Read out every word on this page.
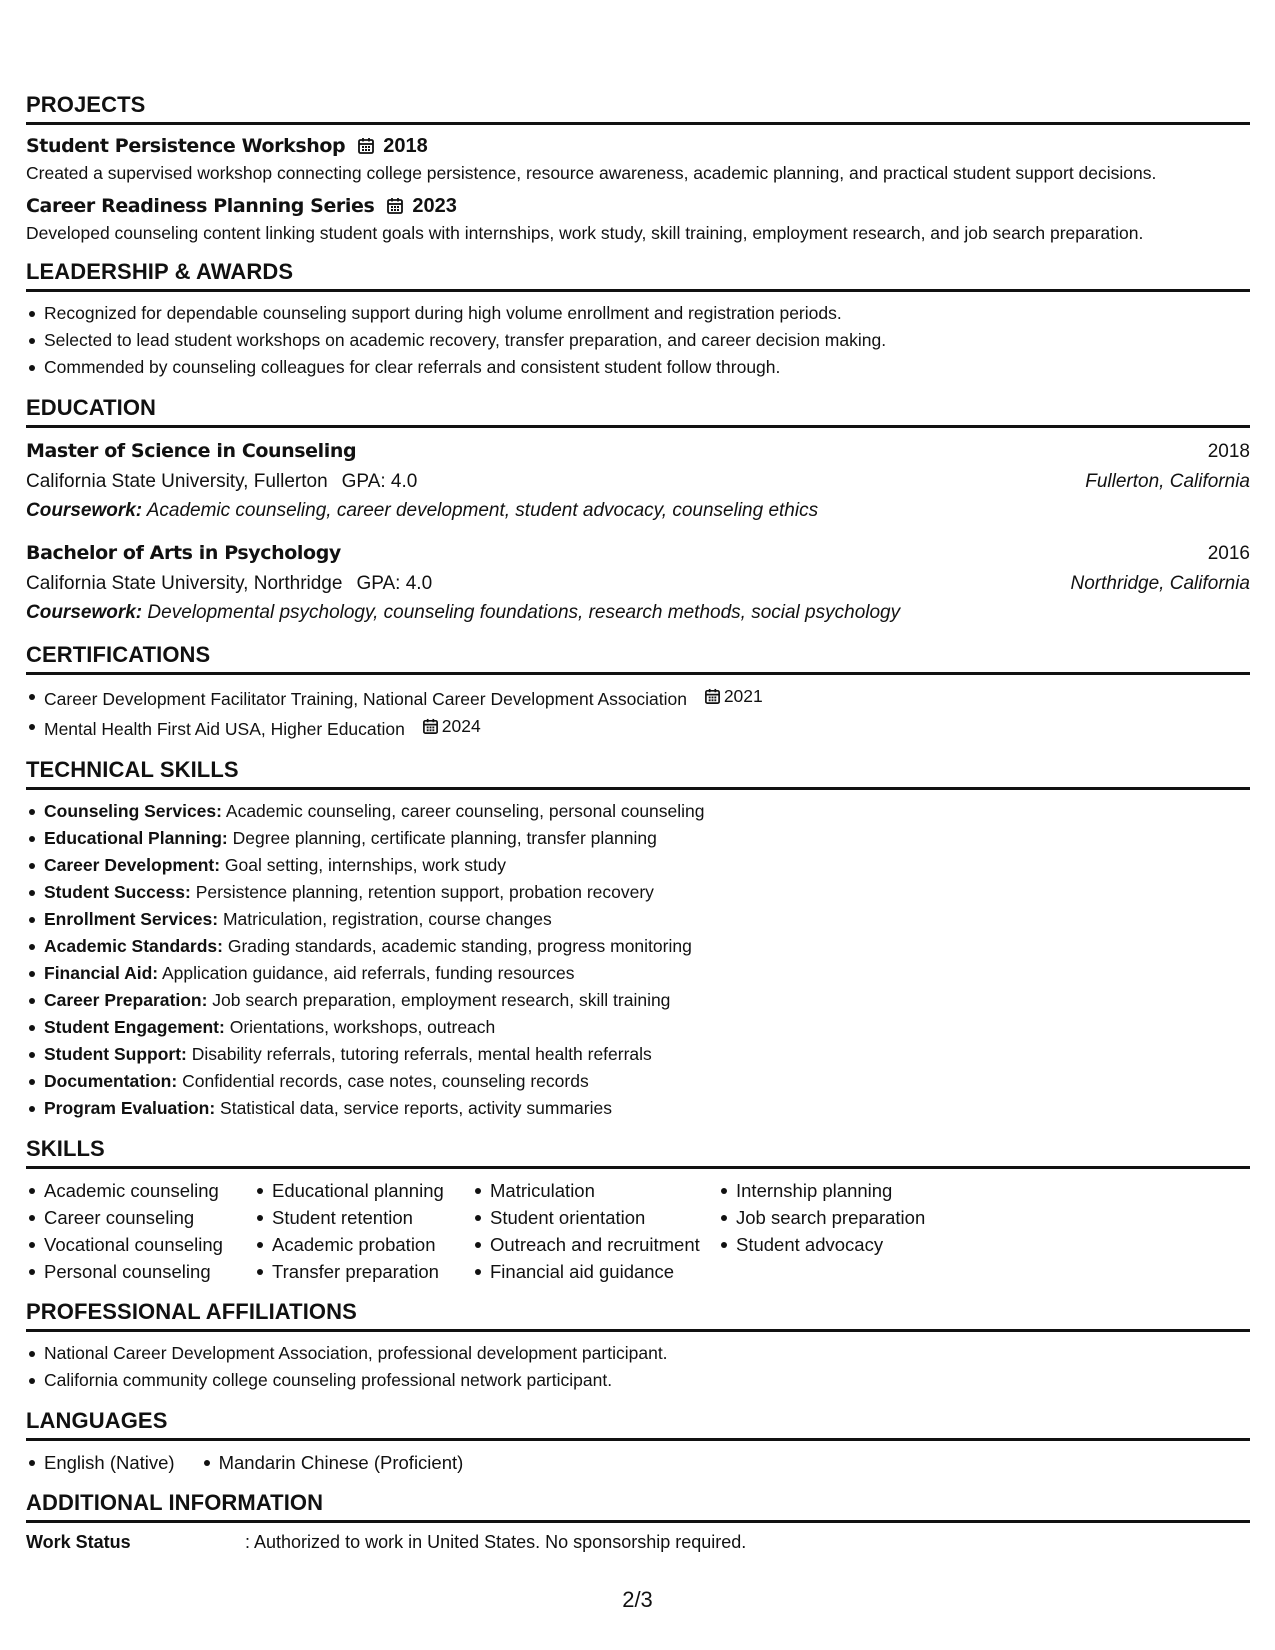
PROJECTS
Student Persistence Workshop 2018
Created a supervised workshop connecting college persistence, resource awareness, academic planning, and practical student support decisions.
Career Readiness Planning Series 2023
Developed counseling content linking student goals with internships, work study, skill training, employment research, and job search preparation.
LEADERSHIP & AWARDS
Recognized for dependable counseling support during high volume enrollment and registration periods.
Selected to lead student workshops on academic recovery, transfer preparation, and career decision making.
Commended by counseling colleagues for clear referrals and consistent student follow through.
EDUCATION
Master of Science in Counseling	2018
California State University, Fullerton GPA: 4.0	Fullerton, California
Coursework: Academic counseling, career development, student advocacy, counseling ethics
Bachelor of Arts in Psychology	2016
California State University, Northridge GPA: 4.0	Northridge, California
Coursework: Developmental psychology, counseling foundations, research methods, social psychology
CERTIFICATIONS
Career Development Facilitator Training, National Career Development Association 2021
Mental Health First Aid USA, Higher Education 2024
TECHNICAL SKILLS
Counseling Services: Academic counseling, career counseling, personal counseling
Educational Planning: Degree planning, certificate planning, transfer planning
Career Development: Goal setting, internships, work study
Student Success: Persistence planning, retention support, probation recovery
Enrollment Services: Matriculation, registration, course changes
Academic Standards: Grading standards, academic standing, progress monitoring
Financial Aid: Application guidance, aid referrals, funding resources
Career Preparation: Job search preparation, employment research, skill training
Student Engagement: Orientations, workshops, outreach
Student Support: Disability referrals, tutoring referrals, mental health referrals
Documentation: Confidential records, case notes, counseling records
Program Evaluation: Statistical data, service reports, activity summaries
SKILLS
Academic counseling
Career counseling
Vocational counseling
Personal counseling
Educational planning
Student retention
Academic probation
Transfer preparation
Matriculation
Student orientation
Outreach and recruitment
Financial aid guidance
Internship planning
Job search preparation
Student advocacy
PROFESSIONAL AFFILIATIONS
National Career Development Association, professional development participant.
California community college counseling professional network participant.
LANGUAGES
English (Native) Mandarin Chinese (Proficient)
ADDITIONAL INFORMATION
Work Status	: Authorized to work in United States. No sponsorship required.
2/3
